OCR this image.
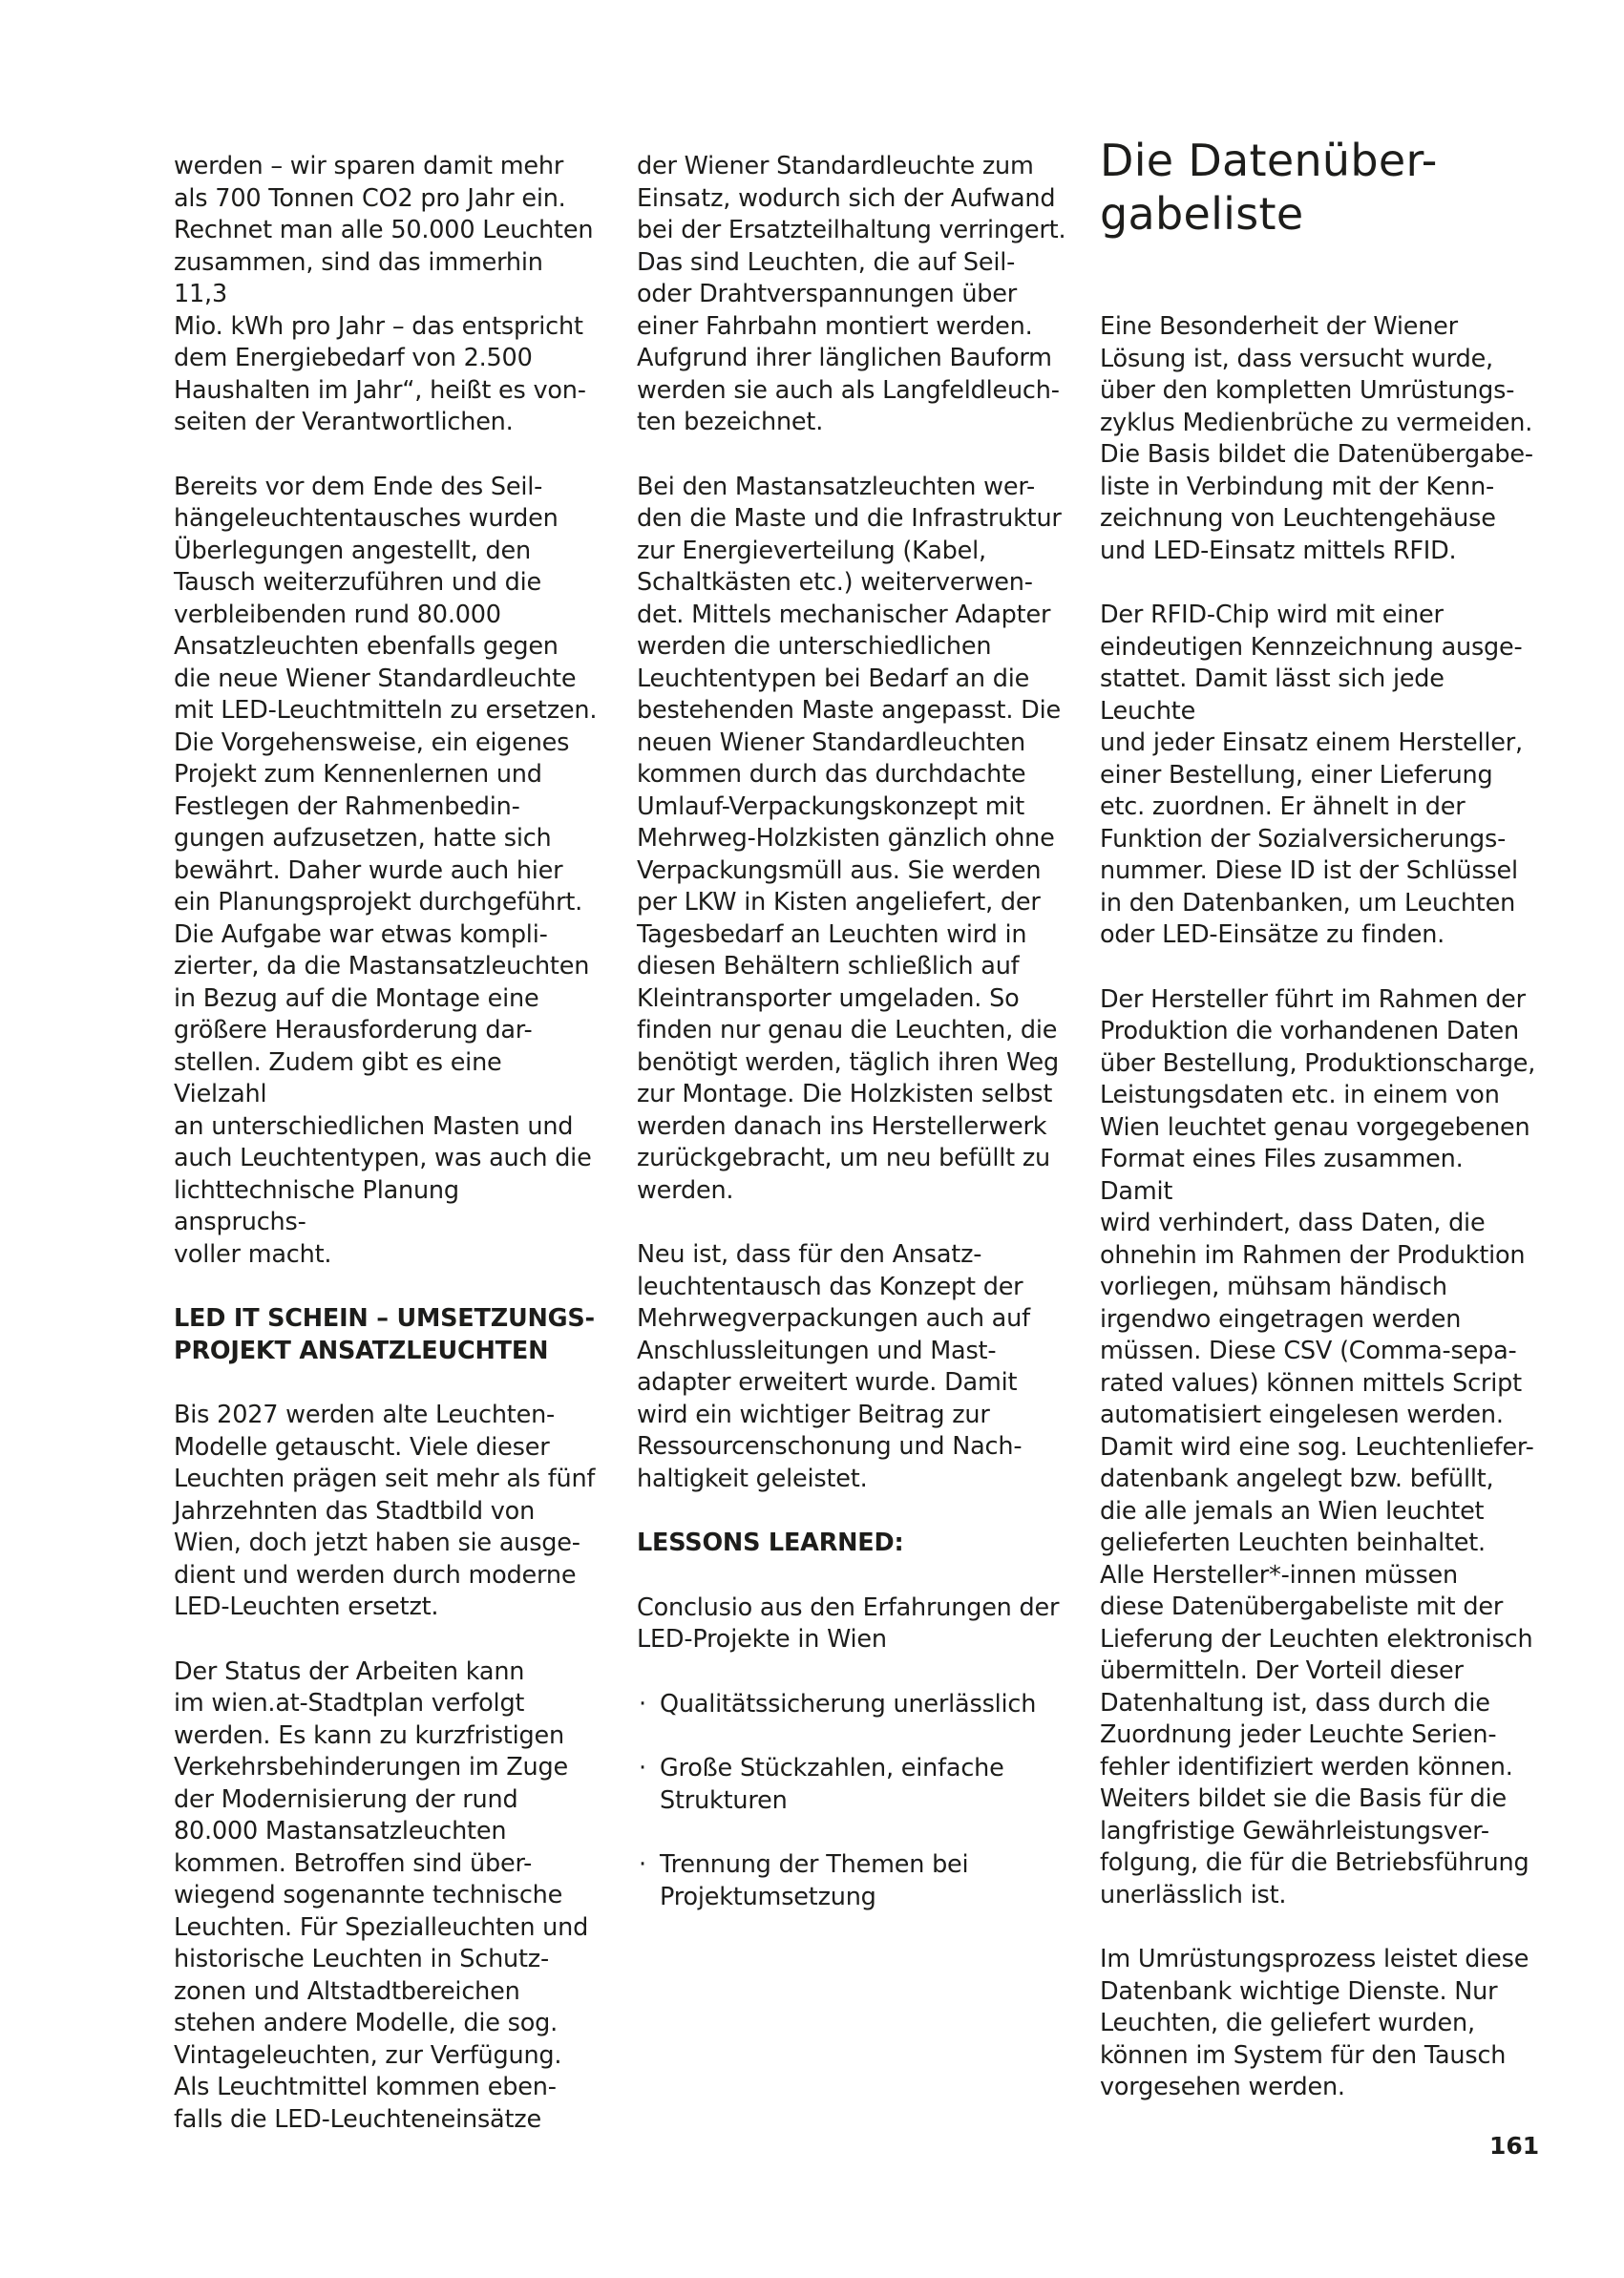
werden – wir sparen damit mehr
als 700 Tonnen CO2 pro Jahr ein.
Rechnet man alle 50.000 Leuchten
zusammen, sind das immerhin 11,3
Mio. kWh pro Jahr – das entspricht
dem Energiebedarf von 2.500
Haushalten im Jahr“, heißt es von-
seiten der Verantwortlichen.

Bereits vor dem Ende des Seil-
hängeleuchtentausches wurden
Überlegungen angestellt, den
Tausch weiterzuführen und die
verbleibenden rund 80.000
Ansatzleuchten ebenfalls gegen
die neue Wiener Standardleuchte
mit LED-Leuchtmitteln zu ersetzen.
Die Vorgehensweise, ein eigenes
Projekt zum Kennenlernen und
Festlegen der Rahmenbedin-
gungen aufzusetzen, hatte sich
bewährt. Daher wurde auch hier
ein Planungsprojekt durchgeführt.
Die Aufgabe war etwas kompli-
zierter, da die Mastansatzleuchten
in Bezug auf die Montage eine
größere Herausforderung dar-
stellen. Zudem gibt es eine Vielzahl
an unterschiedlichen Masten und
auch Leuchtentypen, was auch die
lichttechnische Planung anspruchs-
voller macht.

LED IT SCHEIN – UMSETZUNGS-
PROJEKT ANSATZLEUCHTEN

Bis 2027 werden alte Leuchten-
Modelle getauscht. Viele dieser
Leuchten prägen seit mehr als fünf
Jahrzehnten das Stadtbild von
Wien, doch jetzt haben sie ausge-
dient und werden durch moderne
LED-Leuchten ersetzt.

Der Status der Arbeiten kann
im wien.at-Stadtplan verfolgt
werden. Es kann zu kurzfristigen
Verkehrsbehinderungen im Zuge
der Modernisierung der rund
80.000 Mastansatzleuchten
kommen. Betroffen sind über-
wiegend sogenannte technische
Leuchten. Für Spezialleuchten und
historische Leuchten in Schutz-
zonen und Altstadtbereichen
stehen andere Modelle, die sog.
Vintageleuchten, zur Verfügung.
Als Leuchtmittel kommen eben-
falls die LED-Leuchteneinsätze

der Wiener Standardleuchte zum
Einsatz, wodurch sich der Aufwand
bei der Ersatzteilhaltung verringert.
Das sind Leuchten, die auf Seil-
oder Drahtverspannungen über
einer Fahrbahn montiert werden.
Aufgrund ihrer länglichen Bauform
werden sie auch als Langfeldleuch-
ten bezeichnet.

Bei den Mastansatzleuchten wer-
den die Maste und die Infrastruktur
zur Energieverteilung (Kabel,
Schaltkästen etc.) weiterverwen-
det. Mittels mechanischer Adapter
werden die unterschiedlichen
Leuchtentypen bei Bedarf an die
bestehenden Maste angepasst. Die
neuen Wiener Standardleuchten
kommen durch das durchdachte
Umlauf-Verpackungskonzept mit
Mehrweg-Holzkisten gänzlich ohne
Verpackungsmüll aus. Sie werden
per LKW in Kisten angeliefert, der
Tagesbedarf an Leuchten wird in
diesen Behältern schließlich auf
Kleintransporter umgeladen. So
finden nur genau die Leuchten, die
benötigt werden, täglich ihren Weg
zur Montage. Die Holzkisten selbst
werden danach ins Herstellerwerk
zurückgebracht, um neu befüllt zu
werden.

Neu ist, dass für den Ansatz-
leuchtentausch das Konzept der
Mehrwegverpackungen auch auf
Anschlussleitungen und Mast-
adapter erweitert wurde. Damit
wird ein wichtiger Beitrag zur
Ressourcenschonung und Nach-
haltigkeit geleistet.

LESSONS LEARNED:

Conclusio aus den Erfahrungen der
LED-Projekte in Wien

· Qualitätssicherung unerlässlich
· Große Stückzahlen, einfache
Strukturen
· Trennung der Themen bei
Projektumsetzung
Die Datenüber-
gabeliste

Eine Besonderheit der Wiener
Lösung ist, dass versucht wurde,
über den kompletten Umrüstungs-
zyklus Medienbrüche zu vermeiden.
Die Basis bildet die Datenübergabe-
liste in Verbindung mit der Kenn-
zeichnung von Leuchtengehäuse
und LED-Einsatz mittels RFID.

Der RFID-Chip wird mit einer
eindeutigen Kennzeichnung ausge-
stattet. Damit lässt sich jede Leuchte
und jeder Einsatz einem Hersteller,
einer Bestellung, einer Lieferung
etc. zuordnen. Er ähnelt in der
Funktion der Sozialversicherungs-
nummer. Diese ID ist der Schlüssel
in den Datenbanken, um Leuchten
oder LED-Einsätze zu finden.

Der Hersteller führt im Rahmen der
Produktion die vorhandenen Daten
über Bestellung, Produktionscharge,
Leistungsdaten etc. in einem von
Wien leuchtet genau vorgegebenen
Format eines Files zusammen. Damit
wird verhindert, dass Daten, die
ohnehin im Rahmen der Produktion
vorliegen, mühsam händisch
irgendwo eingetragen werden
müssen. Diese CSV (Comma-sepa-
rated values) können mittels Script
automatisiert eingelesen werden.
Damit wird eine sog. Leuchtenliefer-
datenbank angelegt bzw. befüllt,
die alle jemals an Wien leuchtet
gelieferten Leuchten beinhaltet.
Alle Hersteller*-innen müssen
diese Datenübergabeliste mit der
Lieferung der Leuchten elektronisch
übermitteln. Der Vorteil dieser
Datenhaltung ist, dass durch die
Zuordnung jeder Leuchte Serien-
fehler identifiziert werden können.
Weiters bildet sie die Basis für die
langfristige Gewährleistungsver-
folgung, die für die Betriebsführung
unerlässlich ist.

Im Umrüstungsprozess leistet diese
Datenbank wichtige Dienste. Nur
Leuchten, die geliefert wurden,
können im System für den Tausch
vorgesehen werden.

161
